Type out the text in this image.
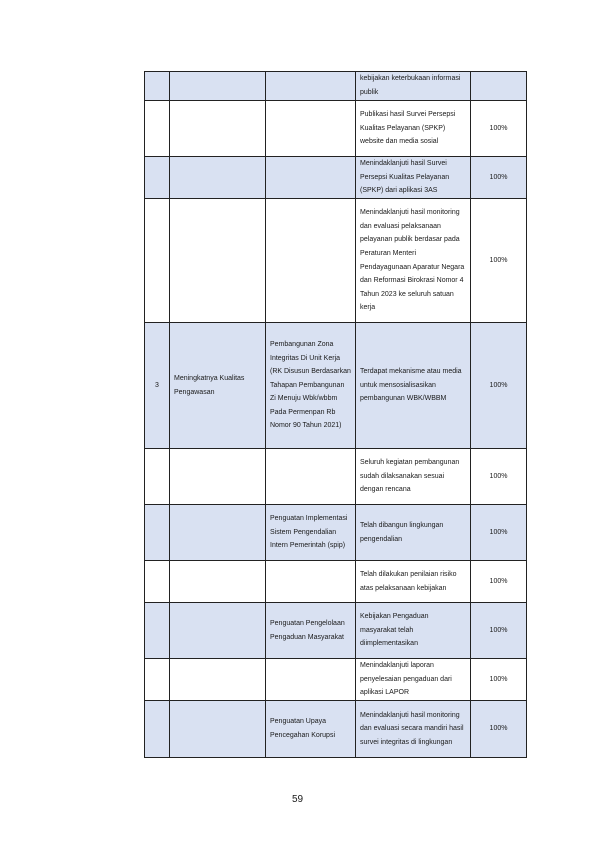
			kebijakan keterbukaan informasi publik	
			Publikasi hasil Survei Persepsi Kualitas Pelayanan (SPKP) website dan media sosial	100%
			Menindaklanjuti hasil Survei Persepsi Kualitas Pelayanan (SPKP) dari aplikasi 3AS	100%
			Menindaklanjuti hasil monitoring dan evaluasi pelaksanaan pelayanan publik berdasar pada Peraturan Menteri Pendayagunaan Aparatur Negara dan Reformasi Birokrasi Nomor 4 Tahun 2023 ke seluruh satuan kerja	100%
3	Meningkatnya Kualitas Pengawasan	Pembangunan Zona Integritas Di Unit Kerja (RK Disusun Berdasarkan Tahapan Pembangunan Zi Menuju Wbk/wbbm Pada Permenpan Rb Nomor 90 Tahun 2021)	Terdapat mekanisme atau media untuk mensosialisasikan pembangunan WBK/WBBM	100%
			Seluruh kegiatan pembangunan sudah dilaksanakan sesuai dengan rencana	100%
		Penguatan Implementasi Sistem Pengendalian Intern Pemerintah (spip)	Telah dibangun lingkungan pengendalian	100%
			Telah dilakukan penilaian risiko atas pelaksanaan kebijakan	100%
		Penguatan Pengelolaan Pengaduan Masyarakat	Kebijakan Pengaduan masyarakat telah diimplementasikan	100%
			Menindaklanjuti laporan penyelesaian pengaduan dari aplikasi LAPOR	100%
		Penguatan Upaya Pencegahan Korupsi	Menindaklanjuti hasil monitoring dan evaluasi secara mandiri hasil survei integritas di lingkungan	100%
59
